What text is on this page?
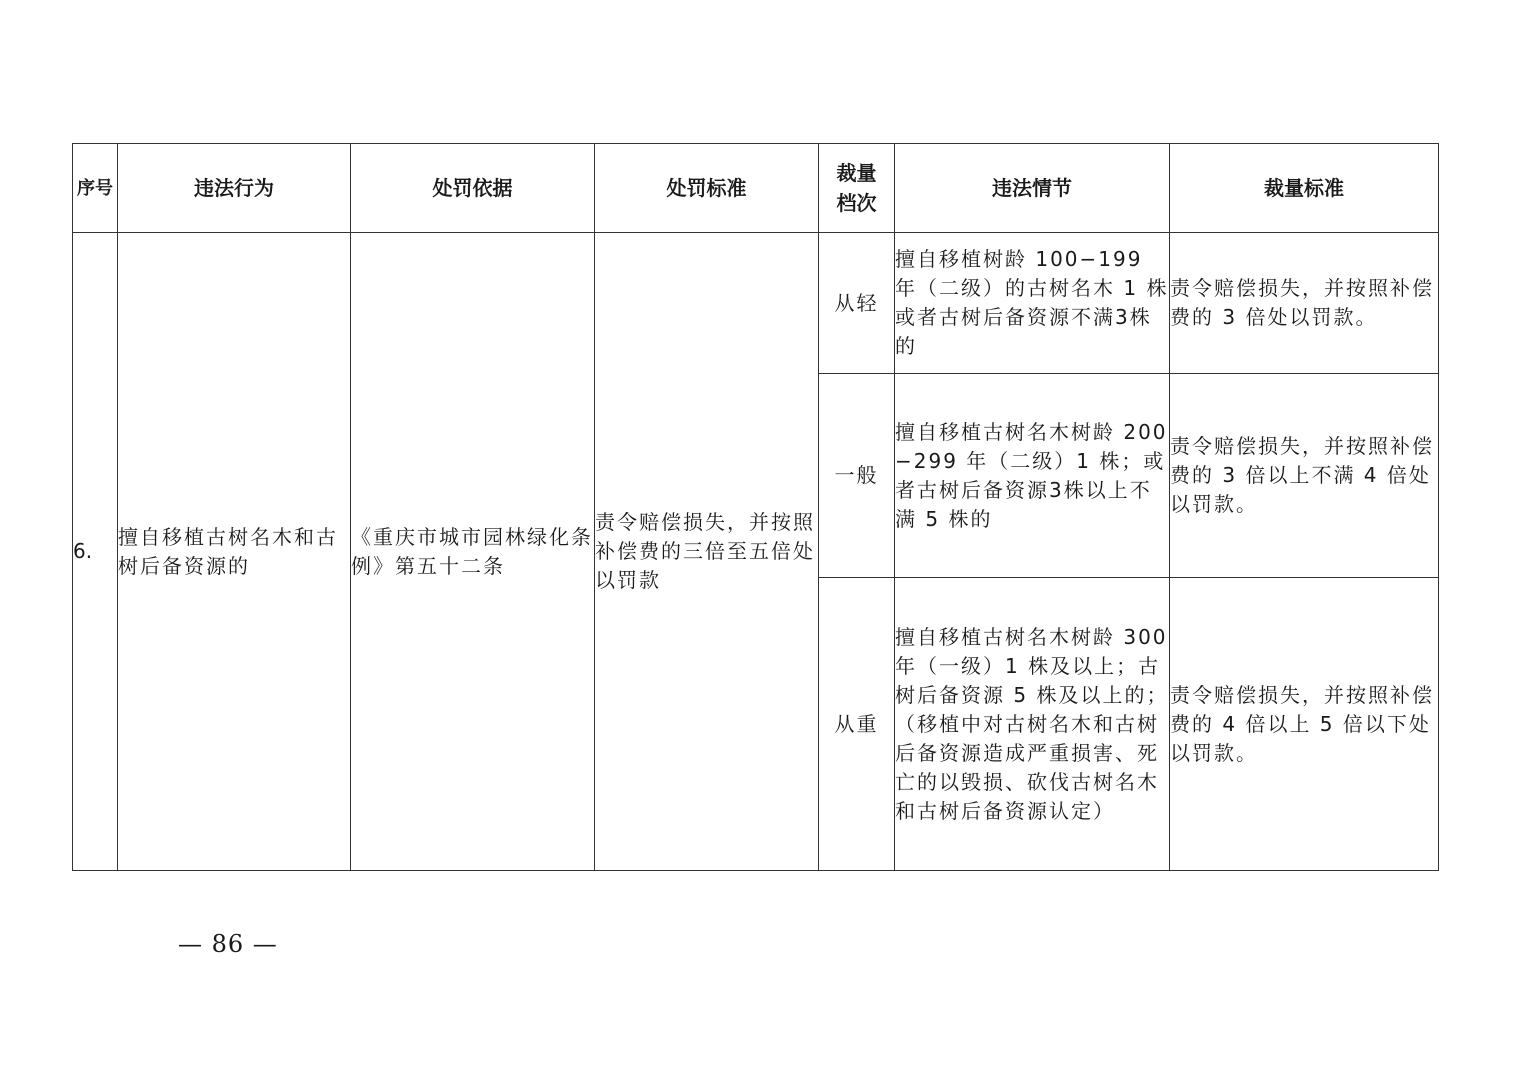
序号	违法行为	处罚依据	处罚标准	裁量档次	违法情节	裁量标准
6.	擅自移植古树名木和古树后备资源的	《重庆市城市园林绿化条例》第五十二条	责令赔偿损失，并按照补偿费的三倍至五倍处以罚款	从轻	擅自移植树龄 100−199 年（二级）的古树名木 1 株或者古树后备资源不满3株的	责令赔偿损失，并按照补偿费的 3 倍处以罚款。
				一般	擅自移植古树名木树龄 200−299 年（二级）1 株；或者古树后备资源3株以上不满 5 株的	责令赔偿损失，并按照补偿费的 3 倍以上不满 4 倍处以罚款。
				从重	擅自移植古树名木树龄 300 年（一级）1 株及以上；古树后备资源 5 株及以上的；（移植中对古树名木和古树后备资源造成严重损害、死亡的以毁损、砍伐古树名木和古树后备资源认定）	责令赔偿损失，并按照补偿费的 4 倍以上 5 倍以下处以罚款。
— 86 —
